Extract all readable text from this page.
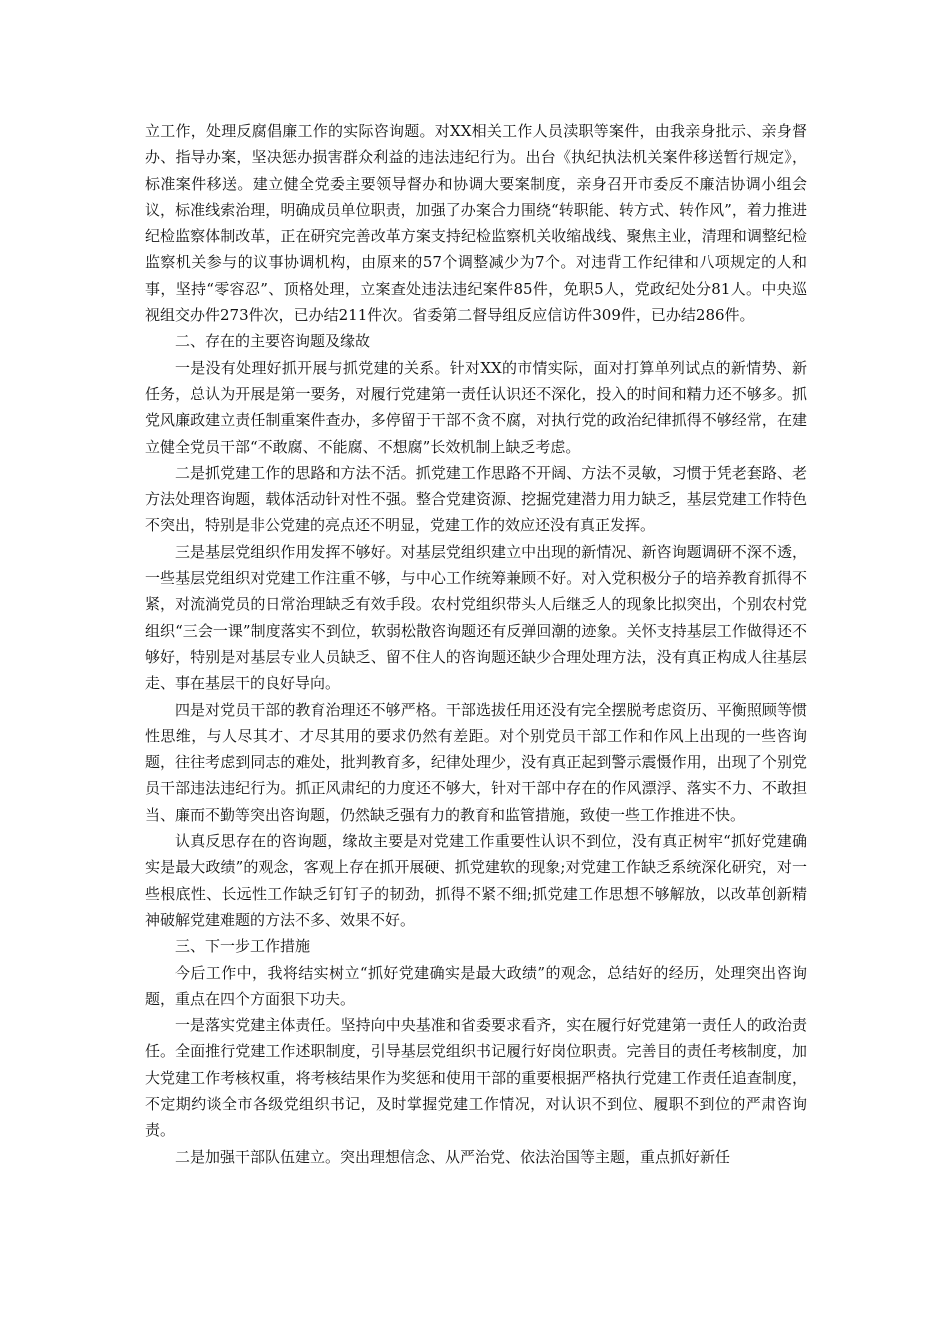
立工作，处理反腐倡廉工作的实际咨询题。对XX相关工作人员渎职等案件，由我亲身批示、亲身督办、指导办案，坚决惩办损害群众利益的违法违纪行为。出台《执纪执法机关案件移送暂行规定》，标准案件移送。建立健全党委主要领导督办和协调大要案制度，亲身召开市委反不廉洁协调小组会议，标准线索治理，明确成员单位职责，加强了办案合力围绕“转职能、转方式、转作风”，着力推进纪检监察体制改革，正在研究完善改革方案支持纪检监察机关收缩战线、聚焦主业，清理和调整纪检监察机关参与的议事协调机构，由原来的57个调整减少为7个。对违背工作纪律和八项规定的人和事，坚持“零容忍”、顶格处理，立案查处违法违纪案件85件，免职5人，党政纪处分81人。中央巡视组交办件273件次，已办结211件次。省委第二督导组反应信访件309件，已办结286件。

二、存在的主要咨询题及缘故

一是没有处理好抓开展与抓党建的关系。针对XX的市情实际，面对打算单列试点的新情势、新任务，总认为开展是第一要务，对履行党建第一责任认识还不深化，投入的时间和精力还不够多。抓党风廉政建立责任制重案件查办，多停留于干部不贪不腐，对执行党的政治纪律抓得不够经常，在建立健全党员干部“不敢腐、不能腐、不想腐”长效机制上缺乏考虑。

二是抓党建工作的思路和方法不活。抓党建工作思路不开阔、方法不灵敏，习惯于凭老套路、老方法处理咨询题，载体活动针对性不强。整合党建资源、挖掘党建潜力用力缺乏，基层党建工作特色不突出，特别是非公党建的亮点还不明显，党建工作的效应还没有真正发挥。

三是基层党组织作用发挥不够好。对基层党组织建立中出现的新情况、新咨询题调研不深不透，一些基层党组织对党建工作注重不够，与中心工作统筹兼顾不好。对入党积极分子的培养教育抓得不紧，对流淌党员的日常治理缺乏有效手段。农村党组织带头人后继乏人的现象比拟突出，个别农村党组织“三会一课”制度落实不到位，软弱松散咨询题还有反弹回潮的迹象。关怀支持基层工作做得还不够好，特别是对基层专业人员缺乏、留不住人的咨询题还缺少合理处理方法，没有真正构成人往基层走、事在基层干的良好导向。

四是对党员干部的教育治理还不够严格。干部选拔任用还没有完全摆脱考虑资历、平衡照顾等惯性思维，与人尽其才、才尽其用的要求仍然有差距。对个别党员干部工作和作风上出现的一些咨询题，往往考虑到同志的难处，批判教育多，纪律处理少，没有真正起到警示震慑作用，出现了个别党员干部违法违纪行为。抓正风肃纪的力度还不够大，针对干部中存在的作风漂浮、落实不力、不敢担当、廉而不勤等突出咨询题，仍然缺乏强有力的教育和监管措施，致使一些工作推进不快。

认真反思存在的咨询题，缘故主要是对党建工作重要性认识不到位，没有真正树牢“抓好党建确实是最大政绩”的观念，客观上存在抓开展硬、抓党建软的现象;对党建工作缺乏系统深化研究，对一些根底性、长远性工作缺乏钉钉子的韧劲，抓得不紧不细;抓党建工作思想不够解放，以改革创新精神破解党建难题的方法不多、效果不好。

三、下一步工作措施

今后工作中，我将结实树立“抓好党建确实是最大政绩”的观念，总结好的经历，处理突出咨询题，重点在四个方面狠下功夫。

一是落实党建主体责任。坚持向中央基准和省委要求看齐，实在履行好党建第一责任人的政治责任。全面推行党建工作述职制度，引导基层党组织书记履行好岗位职责。完善目的责任考核制度，加大党建工作考核权重，将考核结果作为奖惩和使用干部的重要根据严格执行党建工作责任追查制度，不定期约谈全市各级党组织书记，及时掌握党建工作情况，对认识不到位、履职不到位的严肃咨询责。

二是加强干部队伍建立。突出理想信念、从严治党、依法治国等主题，重点抓好新任
